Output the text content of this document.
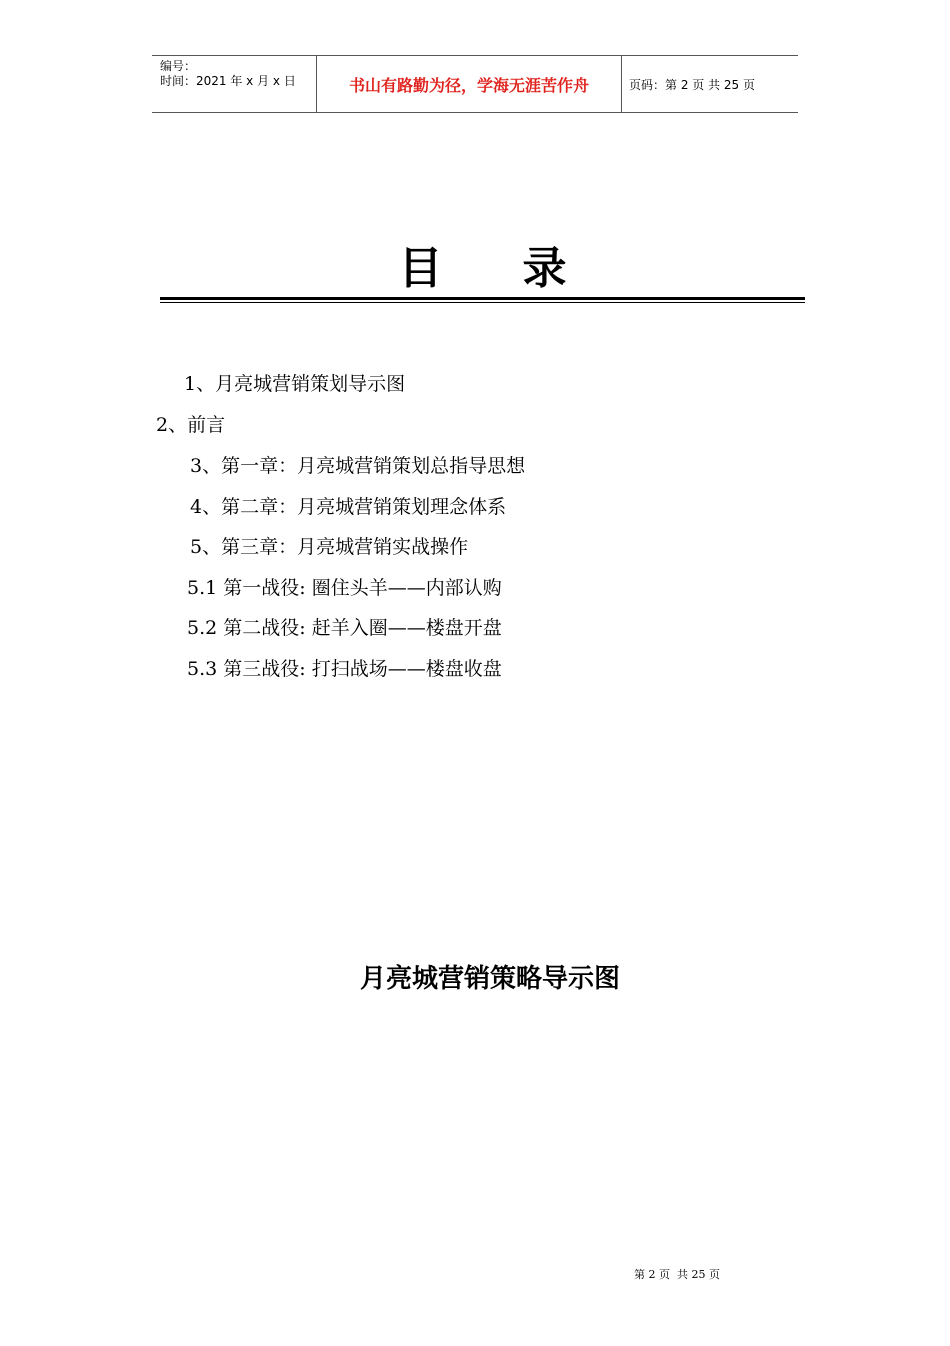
编号：
时间：2021 年 x 月 x 日	书山有路勤为径，学海无涯苦作舟	页码：第 2 页 共 25 页
目 录
1、月亮城营销策划导示图
2、前言
3、第一章：月亮城营销策划总指导思想
4、第二章：月亮城营销策划理念体系
5、第三章：月亮城营销实战操作
5.1 第一战役: 圈住头羊——内部认购
5.2 第二战役: 赶羊入圈——楼盘开盘
5.3 第三战役: 打扫战场——楼盘收盘
月亮城营销策略导示图
第 2 页  共 25 页
